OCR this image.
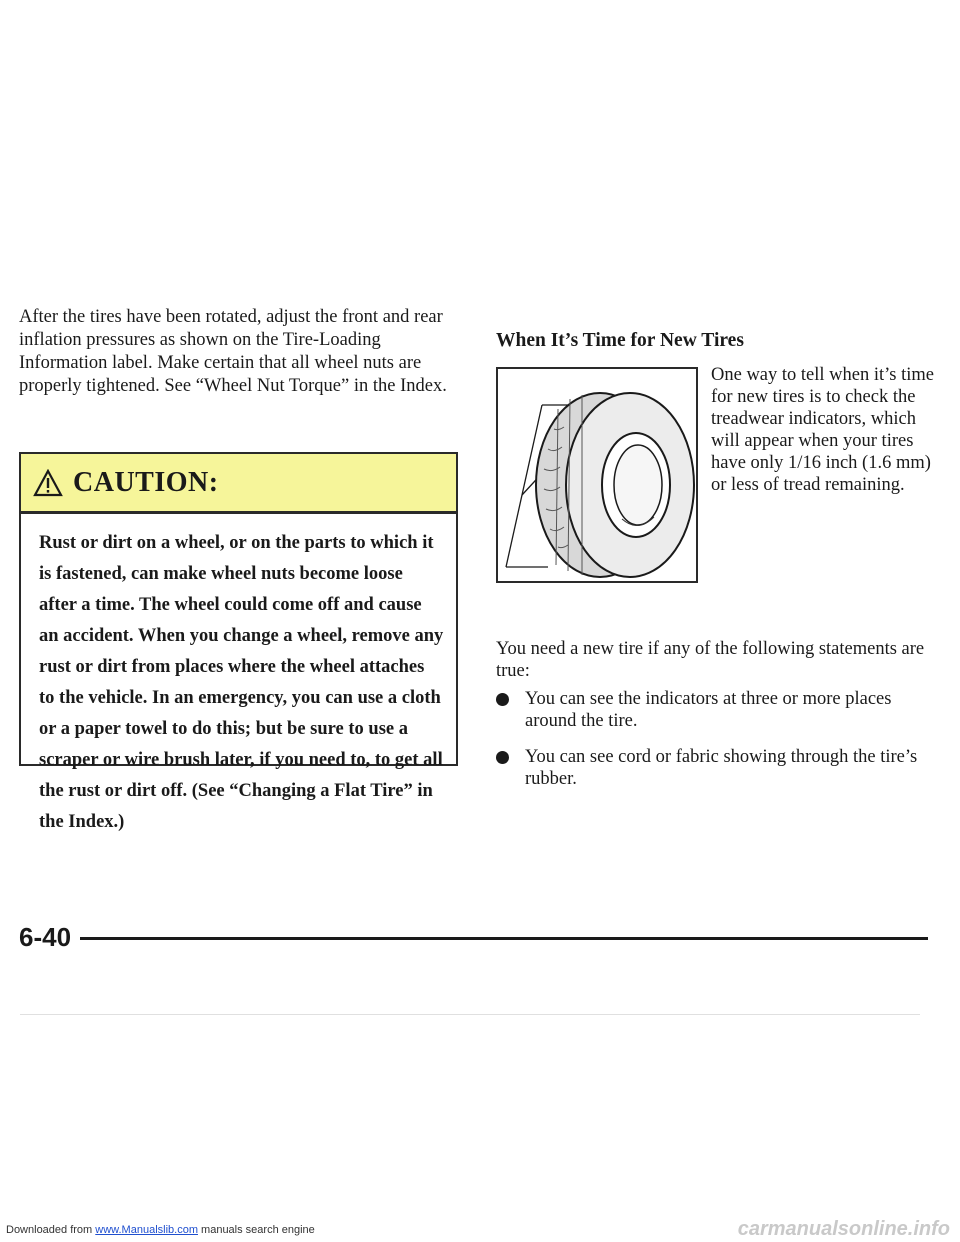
After the tires have been rotated, adjust the front and rear inflation pressures as shown on the Tire-Loading Information label. Make certain that all wheel nuts are properly tightened. See “Wheel Nut Torque” in the Index.

CAUTION:
Rust or dirt on a wheel, or on the parts to which it is fastened, can make wheel nuts become loose after a time. The wheel could come off and cause an accident. When you change a wheel, remove any rust or dirt from places where the wheel attaches to the vehicle. In an emergency, you can use a cloth or a paper towel to do this; but be sure to use a scraper or wire brush later, if you need to, to get all the rust or dirt off. (See “Changing a Flat Tire” in the Index.)
When It’s Time for New Tires
One way to tell when it’s time for new tires is to check the treadwear indicators, which will appear when your tires have only 1/16 inch (1.6 mm) or less of tread remaining.
You need a new tire if any of the following statements are true:
You can see the indicators at three or more places around the tire.
You can see cord or fabric showing through the tire’s rubber.
6-40
Downloaded from www.Manualslib.com manuals search engine	carmanualsonline.info
